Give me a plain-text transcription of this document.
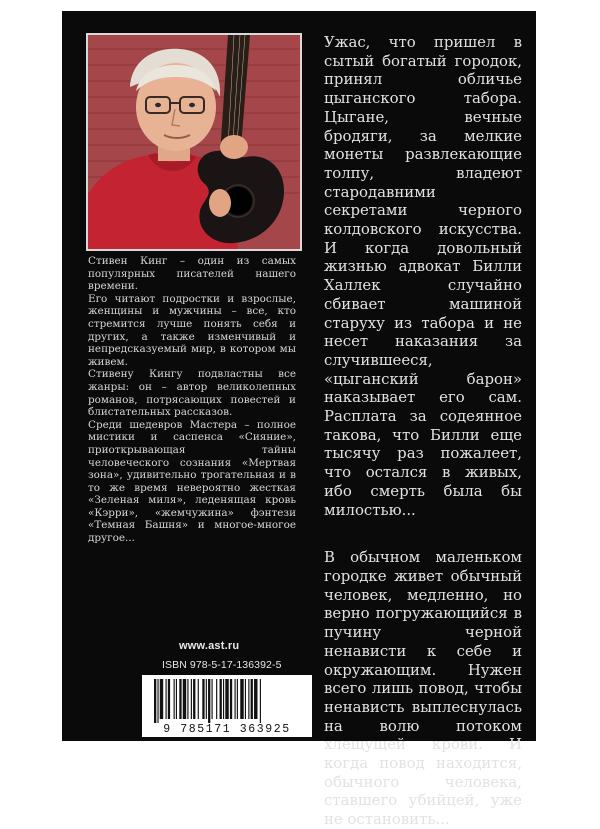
Стивен Кинг – один из самых популярных писателей нашего времени.

Его читают подростки и взрослые, женщины и мужчины – все, кто стремится лучше понять себя и других, а также изменчивый и непредсказуемый мир, в котором мы живем.

Стивену Кингу подвластны все жанры: он – автор великолепных романов, потрясающих повестей и блистательных рассказов.

Среди шедевров Мастера – полное мистики и саспенса «Сияние», приоткрывающая тайны человеческого сознания «Мертвая зона», удивительно трогательная и в то же время невероятно жесткая «Зеленая миля», леденящая кровь «Кэрри», «жемчужина» фэнтези «Темная Башня» и многое-многое другое...

Ужас, что пришел в сытый богатый городок, принял обличье цыганского табора. Цыгане, вечные бродяги, за мелкие монеты развлекающие толпу, владеют стародавними секретами черного колдовского искусства. И когда довольный жизнью адвокат Билли Халлек случайно сбивает машиной старуху из табора и не несет наказания за случившееся, «цыганский барон» наказывает его сам. Расплата за содеянное такова, что Билли еще тысячу раз пожалеет, что остался в живых, ибо смерть была бы милостью...

В обычном маленьком городке живет обычный человек, медленно, но верно погружающийся в пучину черной ненависти к себе и окружающим. Нужен всего лишь повод, чтобы ненависть выплеснулась на волю потоком хлещущей крови. И когда повод находится, обычного человека, ставшего убийцей, уже не остановить...

www.ast.ru
ISBN 978-5-17-136392-5
9 785171 363925
